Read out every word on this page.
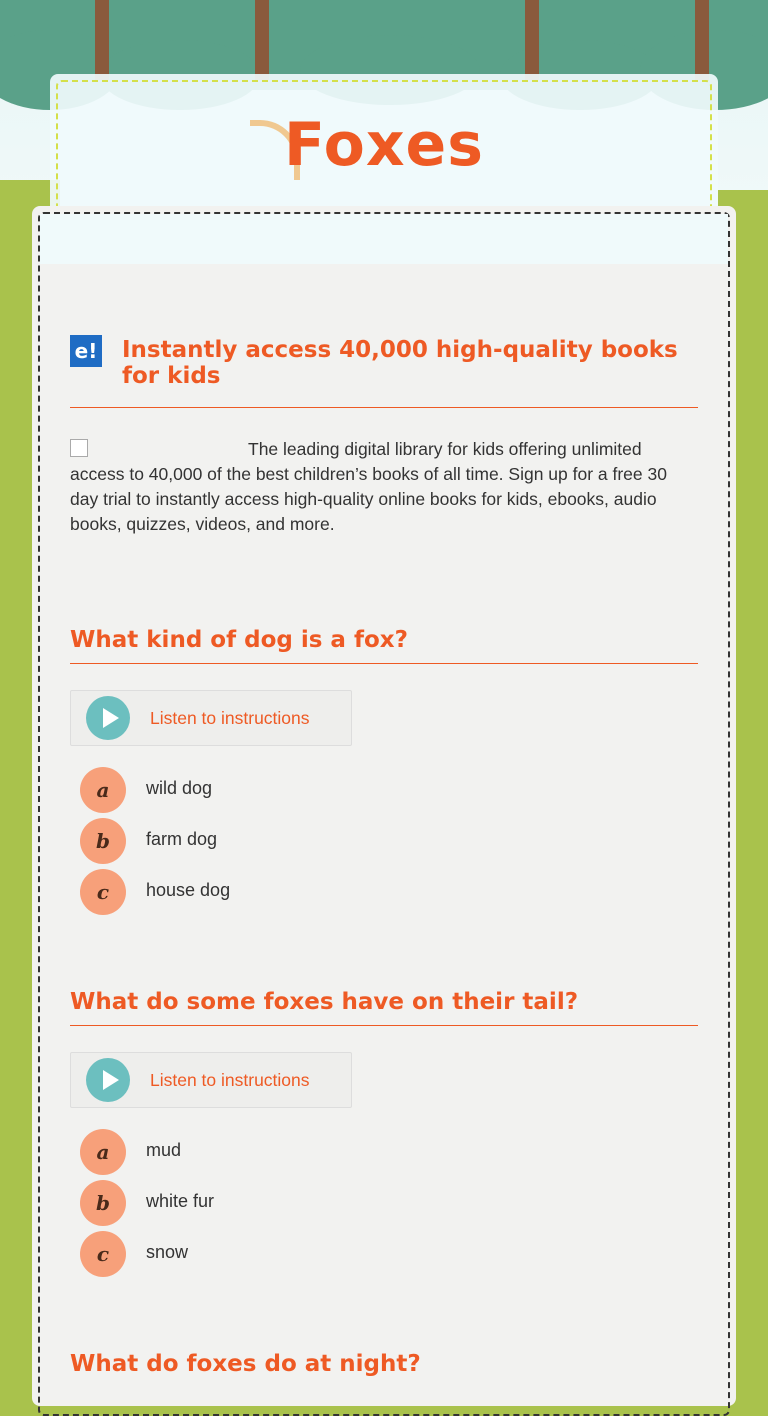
Foxes
e! Instantly access 40,000 high-quality books for kids
The leading digital library for kids offering unlimited access to 40,000 of the best children’s books of all time. Sign up for a free 30 day trial to instantly access high-quality online books for kids, ebooks, audio books, quizzes, videos, and more.
What kind of dog is a fox?
Listen to instructions
a	wild dog
b	farm dog
c	house dog
What do some foxes have on their tail?
Listen to instructions
a	mud
b	white fur
c	snow
What do foxes do at night?
